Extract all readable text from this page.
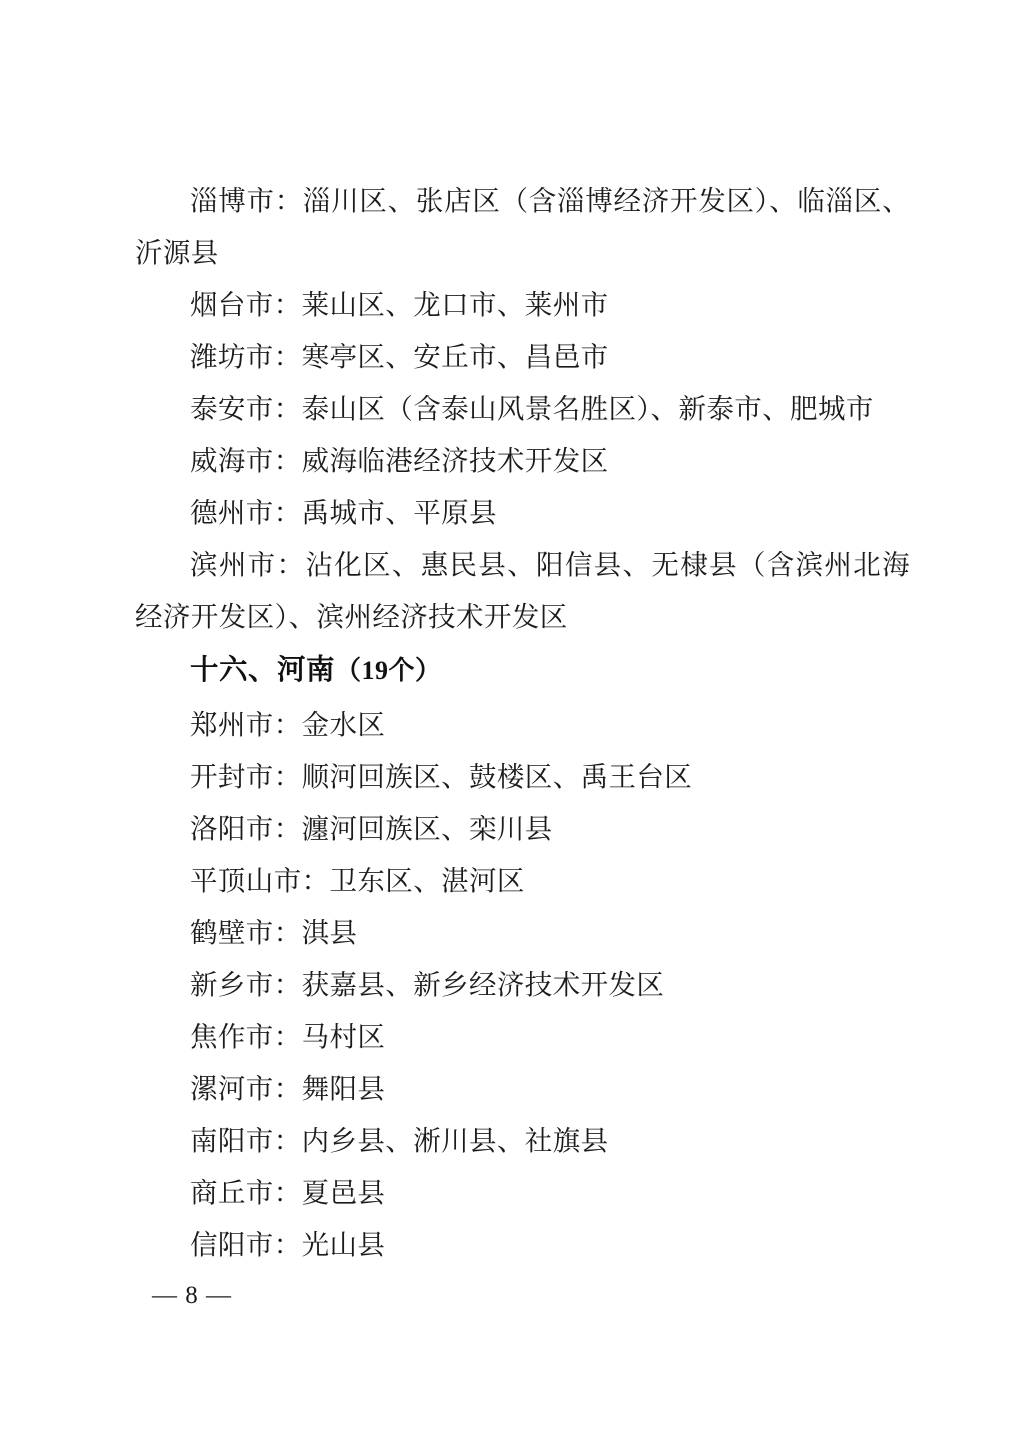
淄博市：淄川区、张店区（含淄博经济开发区）、临淄区、沂源县

烟台市：莱山区、龙口市、莱州市

潍坊市：寒亭区、安丘市、昌邑市

泰安市：泰山区（含泰山风景名胜区）、新泰市、肥城市

威海市：威海临港经济技术开发区

德州市：禹城市、平原县

滨州市：沾化区、惠民县、阳信县、无棣县（含滨州北海经济开发区）、滨州经济技术开发区

十六、河南（19个）

郑州市：金水区

开封市：顺河回族区、鼓楼区、禹王台区

洛阳市：瀍河回族区、栾川县

平顶山市：卫东区、湛河区

鹤壁市：淇县

新乡市：获嘉县、新乡经济技术开发区

焦作市：马村区

漯河市：舞阳县

南阳市：内乡县、淅川县、社旗县

商丘市：夏邑县

信阳市：光山县

— 8 —
